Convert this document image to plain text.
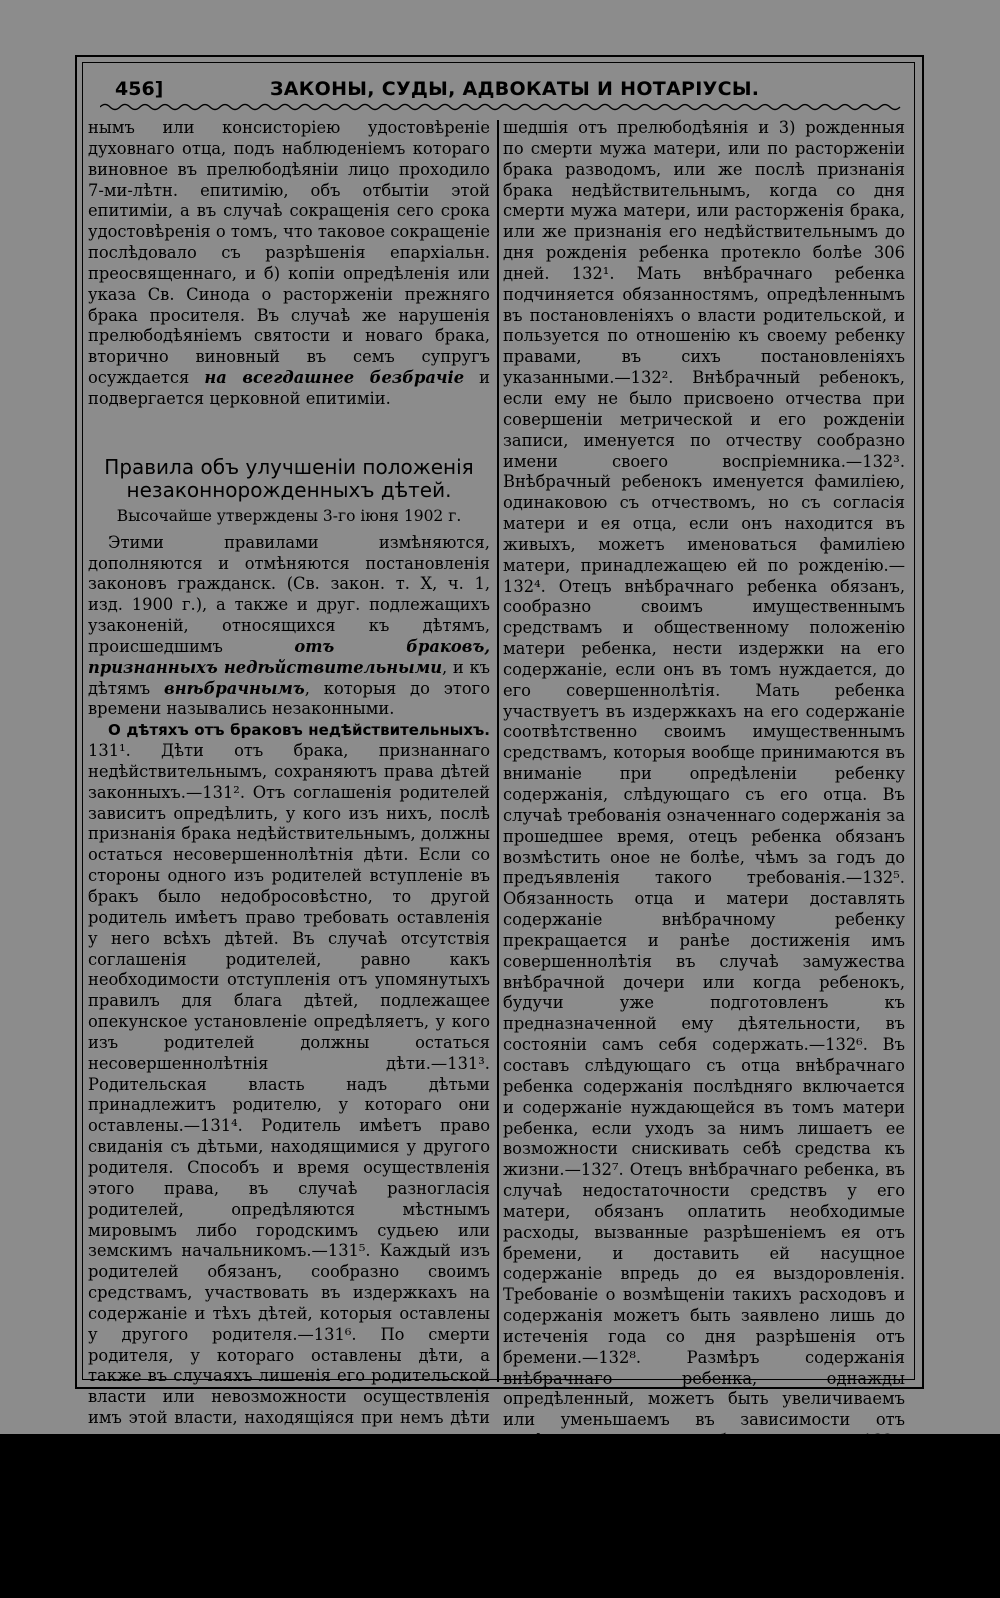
456]	ЗАКОНЫ, СУДЫ, АДВОКАТЫ И НОТАРІУСЫ.

нымъ или консисторіею удостовѣреніе духовнаго отца, подъ наблюденіемъ котораго виновное въ прелюбодѣяніи лицо проходило 7-ми-лѣтн. епитимію, объ отбытіи этой епитиміи, а въ случаѣ сокращенія сего срока удостовѣренія о томъ, что таковое сокращеніе послѣдовало съ разрѣшенія епархіальн. преосвященнаго, и б) копіи опредѣленія или указа Св. Синода о расторженіи прежняго брака просителя. Въ случаѣ же нарушенія прелюбодѣяніемъ святости и новаго брака, вторично виновный въ семъ супругъ осуждается на всегдашнее безбрачіе и подвергается церковной епитиміи.

Правила объ улучшеніи положенія незаконнорожденныхъ дѣтей.
Высочайше утверждены 3-го іюня 1902 г.

Этими правилами измѣняются, дополняются и отмѣняются постановленія законовъ гражданск. (Св. закон. т. X, ч. 1, изд. 1900 г.), а также и друг. подлежащихъ узаконеній, относящихся къ дѣтямъ, происшедшимъ отъ браковъ, признанныхъ недѣйствительными, и къ дѣтямъ внѣбрачнымъ, которыя до этого времени назывались незаконными.

О дѣтяхъ отъ браковъ недѣйствительныхъ. 131¹. Дѣти отъ брака, признаннаго недѣйствительнымъ, сохраняютъ права дѣтей законныхъ.—131². Отъ соглашенія родителей зависитъ опредѣлить, у кого изъ нихъ, послѣ признанія брака недѣйствительнымъ, должны остаться несовершеннолѣтнія дѣти. Если со стороны одного изъ родителей вступленіе въ бракъ было недобросовѣстно, то другой родитель имѣетъ право требовать оставленія у него всѣхъ дѣтей. Въ случаѣ отсутствія соглашенія родителей, равно какъ необходимости отступленія отъ упомянутыхъ правилъ для блага дѣтей, подлежащее опекунское установленіе опредѣляетъ, у кого изъ родителей должны остаться несовершеннолѣтнія дѣти.—131³. Родительская власть надъ дѣтьми принадлежитъ родителю, у котораго они оставлены.—131⁴. Родитель имѣетъ право свиданія съ дѣтьми, находящимися у другого родителя. Способъ и время осуществленія этого права, въ случаѣ разногласія родителей, опредѣляются мѣстнымъ мировымъ либо городскимъ судьею или земскимъ начальникомъ.—131⁵. Каждый изъ родителей обязанъ, сообразно своимъ средствамъ, участвовать въ издержкахъ на содержаніе и тѣхъ дѣтей, которыя оставлены у другого родителя.—131⁶. По смерти родителя, у котораго оставлены дѣти, а также въ случаяхъ лишенія его родительской власти или невозможности осуществленія имъ этой власти, находящіяся при немъ дѣти поступаютъ подъ родительскую власть другого родителя, развѣ бы подлежащее опекунское установленіе, ради блага дѣтей, сочло необходимымъ назначить особаго надъ ними опекуна.

О дѣтяхъ внѣбрачныхъ. 132. Внѣбрачными дѣти суть: 1) рожденныя незамужнею; 2) проис-

шедшія отъ прелюбодѣянія и 3) рожденныя по смерти мужа матери, или по расторженіи брака разводомъ, или же послѣ признанія брака недѣйствительнымъ, когда со дня смерти мужа матери, или расторженія брака, или же признанія его недѣйствительнымъ до дня рожденія ребенка протекло болѣе 306 дней. 132¹. Мать внѣбрачнаго ребенка подчиняется обязанностямъ, опредѣленнымъ въ постановленіяхъ о власти родительской, и пользуется по отношенію къ своему ребенку правами, въ сихъ постановленіяхъ указанными.—132². Внѣбрачный ребенокъ, если ему не было присвоено отчества при совершеніи метрической и его рожденіи записи, именуется по отчеству сообразно имени своего воспріемника.—132³. Внѣбрачный ребенокъ именуется фамиліею, одинаковою съ отчествомъ, но съ согласія матери и ея отца, если онъ находится въ живыхъ, можетъ именоваться фамиліею матери, принадлежащею ей по рожденію.—132⁴. Отецъ внѣбрачнаго ребенка обязанъ, сообразно своимъ имущественнымъ средствамъ и общественному положенію матери ребенка, нести издержки на его содержаніе, если онъ въ томъ нуждается, до его совершеннолѣтія. Мать ребенка участвуетъ въ издержкахъ на его содержаніе соотвѣтственно своимъ имущественнымъ средствамъ, которыя вообще принимаются въ вниманіе при опредѣленіи ребенку содержанія, слѣдующаго съ его отца. Въ случаѣ требованія означеннаго содержанія за прошедшее время, отецъ ребенка обязанъ возмѣстить оное не болѣе, чѣмъ за годъ до предъявленія такого требованія.—132⁵. Обязанность отца и матери доставлять содержаніе внѣбрачному ребенку прекращается и ранѣе достиженія имъ совершеннолѣтія въ случаѣ замужества внѣбрачной дочери или когда ребенокъ, будучи уже подготовленъ къ предназначенной ему дѣятельности, въ состояніи самъ себя содержать.—132⁶. Въ составъ слѣдующаго съ отца внѣбрачнаго ребенка содержанія послѣдняго включается и содержаніе нуждающейся въ томъ матери ребенка, если уходъ за нимъ лишаетъ ее возможности снискивать себѣ средства къ жизни.—132⁷. Отецъ внѣбрачнаго ребенка, въ случаѣ недостаточности средствъ у его матери, обязанъ оплатить необходимые расходы, вызванные разрѣшеніемъ ея отъ бремени, и доставить ей насущное содержаніе впредь до ея выздоровленія. Требованіе о возмѣщеніи такихъ расходовъ и содержанія можетъ быть заявлено лишь до истеченія года со дня разрѣшенія отъ бремени.—132⁸. Размѣръ содержанія внѣбрачнаго ребенка, однажды опредѣленный, можетъ быть увеличиваемъ или уменьшаемъ въ зависимости отъ измѣнившихся обстоятельствъ.—132⁹. Повременныя выдачи на содержаніе внѣбрачнаго ребенка, по соглашенію сторонъ и съ утвержденія опекунскаго установленія, могутъ быть замѣнены единовременно уплачиваемою отцомъ ребенка суммою, съ принятіемъ надлежащихъ мѣръ къ охраненію расходованія
